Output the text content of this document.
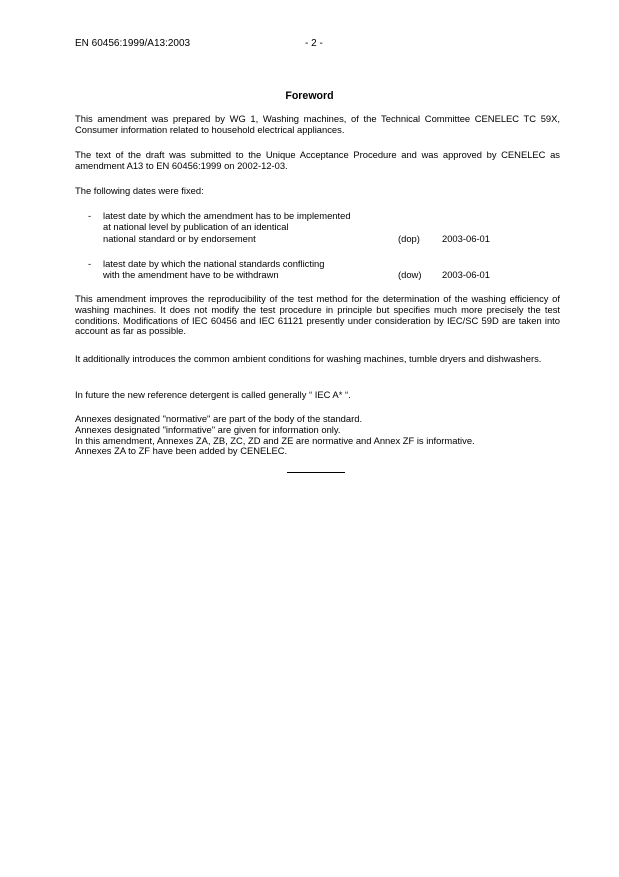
EN 60456:1999/A13:2003	- 2 -
Foreword
This amendment was prepared by WG 1, Washing machines, of the Technical Committee CENELEC TC 59X, Consumer information related to household electrical appliances.
The text of the draft was submitted to the Unique Acceptance Procedure and was approved by CENELEC as amendment A13 to EN 60456:1999 on 2002-12-03.
The following dates were fixed:
- latest date by which the amendment has to be implemented
at national level by publication of an identical
national standard or by endorsement	(dop) 2003-06-01
- latest date by which the national standards conflicting
with the amendment have to be withdrawn	(dow) 2003-06-01
This amendment improves the reproducibility of the test method for the determination of the washing efficiency of washing machines. It does not modify the test procedure in principle but specifies much more precisely the test conditions. Modifications of IEC 60456 and IEC 61121 presently under consideration by IEC/SC 59D are taken into account as far as possible.
It additionally introduces the common ambient conditions for washing machines, tumble dryers and dishwashers.
In future the new reference detergent is called generally “ IEC A* “.
Annexes designated "normative" are part of the body of the standard.
Annexes designated "informative" are given for information only.
In this amendment, Annexes ZA, ZB, ZC, ZD and ZE are normative and Annex ZF is informative.
Annexes ZA to ZF have been added by CENELEC.
